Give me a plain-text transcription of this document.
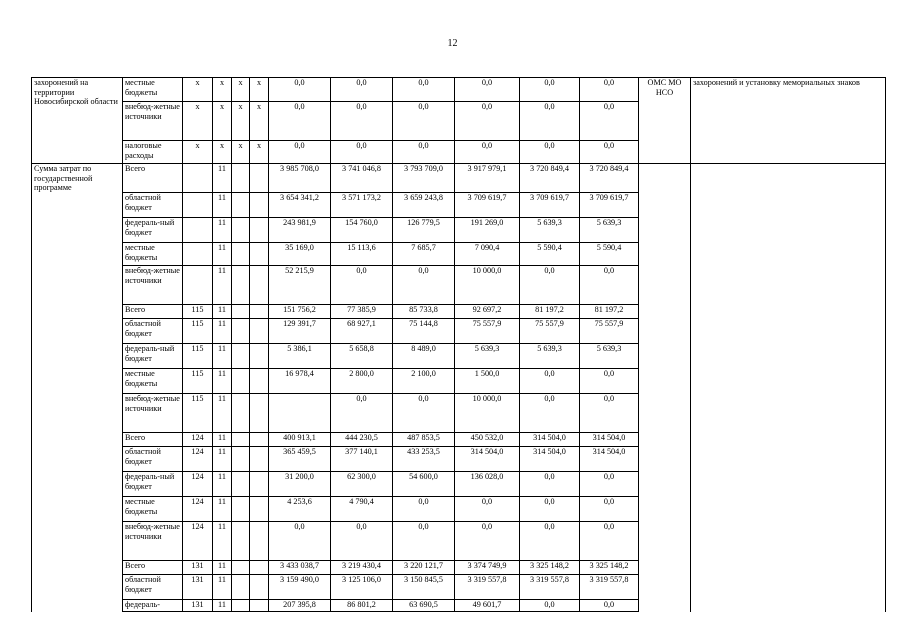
12
захоронений на территории Новосибирской области	местные бюджеты	х	х	х	х	0,0	0,0	0,0	0,0	0,0	0,0	ОМС МО НСО	захоронений и установку мемориальных знаков
	внебюд-жетные источники	х	х	х	х	0,0	0,0	0,0	0,0	0,0	0,0		
	налоговые расходы	х	х	х	х	0,0	0,0	0,0	0,0	0,0	0,0		
Сумма затрат по государственной программе	Всего		11			3 985 708,0	3 741 046,8	3 793 709,0	3 917 979,1	3 720 849,4	3 720 849,4		
	областной бюджет		11			3 654 341,2	3 571 173,2	3 659 243,8	3 709 619,7	3 709 619,7	3 709 619,7		
	федераль-ный бюджет		11			243 981,9	154 760,0	126 779,5	191 269,0	5 639,3	5 639,3		
	местные бюджеты		11			35 169,0	15 113,6	7 685,7	7 090,4	5 590,4	5 590,4		
	внебюд-жетные источники		11			52 215,9	0,0	0,0	10 000,0	0,0	0,0		
	Всего	115	11			151 756,2	77 385,9	85 733,8	92 697,2	81 197,2	81 197,2		
	областной бюджет	115	11			129 391,7	68 927,1	75 144,8	75 557,9	75 557,9	75 557,9		
	федераль-ный бюджет	115	11			5 386,1	5 658,8	8 489,0	5 639,3	5 639,3	5 639,3		
	местные бюджеты	115	11			16 978,4	2 800,0	2 100,0	1 500,0	0,0	0,0		
	внебюд-жетные источники	115	11				0,0	0,0	10 000,0	0,0	0,0		
	Всего	124	11			400 913,1	444 230,5	487 853,5	450 532,0	314 504,0	314 504,0		
	областной бюджет	124	11			365 459,5	377 140,1	433 253,5	314 504,0	314 504,0	314 504,0		
	федераль-ный бюджет	124	11			31 200,0	62 300,0	54 600,0	136 028,0	0,0	0,0		
	местные бюджеты	124	11			4 253,6	4 790,4	0,0	0,0	0,0	0,0		
	внебюд-жетные источники	124	11			0,0	0,0	0,0	0,0	0,0	0,0		
	Всего	131	11			3 433 038,7	3 219 430,4	3 220 121,7	3 374 749,9	3 325 148,2	3 325 148,2		
	областной бюджет	131	11			3 159 490,0	3 125 106,0	3 150 845,5	3 319 557,8	3 319 557,8	3 319 557,8		
	федераль-	131	11			207 395,8	86 801,2	63 690,5	49 601,7	0,0	0,0		
